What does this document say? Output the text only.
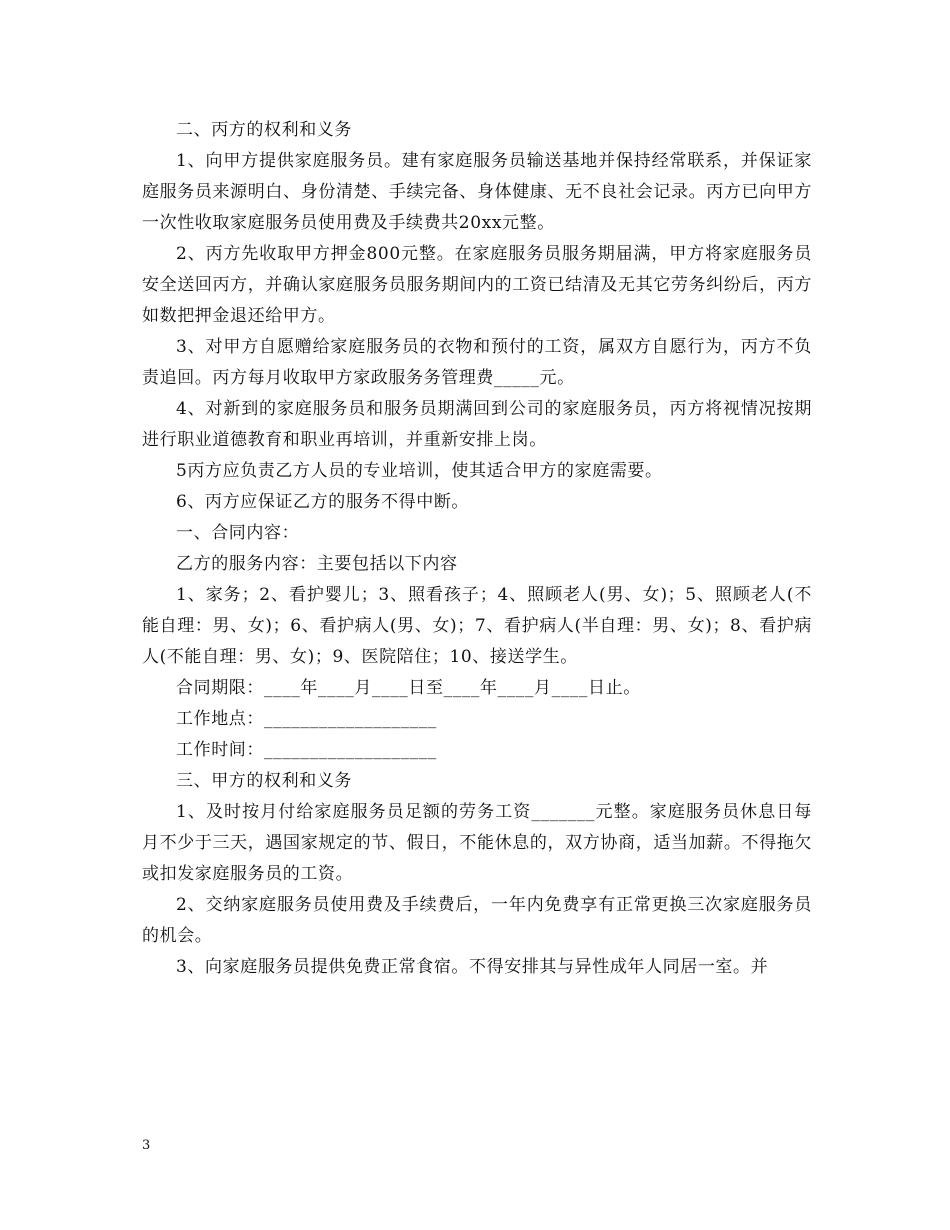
二、丙方的权利和义务

1、向甲方提供家庭服务员。建有家庭服务员输送基地并保持经常联系，并保证家庭服务员来源明白、身份清楚、手续完备、身体健康、无不良社会记录。丙方已向甲方一次性收取家庭服务员使用费及手续费共20xx元整。

2、丙方先收取甲方押金800元整。在家庭服务员服务期届满，甲方将家庭服务员安全送回丙方，并确认家庭服务员服务期间内的工资已结清及无其它劳务纠纷后，丙方如数把押金退还给甲方。

3、对甲方自愿赠给家庭服务员的衣物和预付的工资，属双方自愿行为，丙方不负责追回。丙方每月收取甲方家政服务务管理费_____元。

4、对新到的家庭服务员和服务员期满回到公司的家庭服务员，丙方将视情况按期进行职业道德教育和职业再培训，并重新安排上岗。

5丙方应负责乙方人员的专业培训，使其适合甲方的家庭需要。

6、丙方应保证乙方的服务不得中断。

一、合同内容：

乙方的服务内容：主要包括以下内容

1、家务；2、看护婴儿；3、照看孩子；4、照顾老人(男、女)；5、照顾老人(不能自理：男、女)；6、看护病人(男、女)；7、看护病人(半自理：男、女)；8、看护病人(不能自理：男、女)；9、医院陪住；10、接送学生。

合同期限：____年____月____日至____年____月____日止。

工作地点：___________________

工作时间：___________________

三、甲方的权利和义务

1、及时按月付给家庭服务员足额的劳务工资_______元整。家庭服务员休息日每月不少于三天，遇国家规定的节、假日，不能休息的，双方协商，适当加薪。不得拖欠或扣发家庭服务员的工资。

2、交纳家庭服务员使用费及手续费后，一年内免费享有正常更换三次家庭服务员的机会。

3、向家庭服务员提供免费正常食宿。不得安排其与异性成年人同居一室。并

3
